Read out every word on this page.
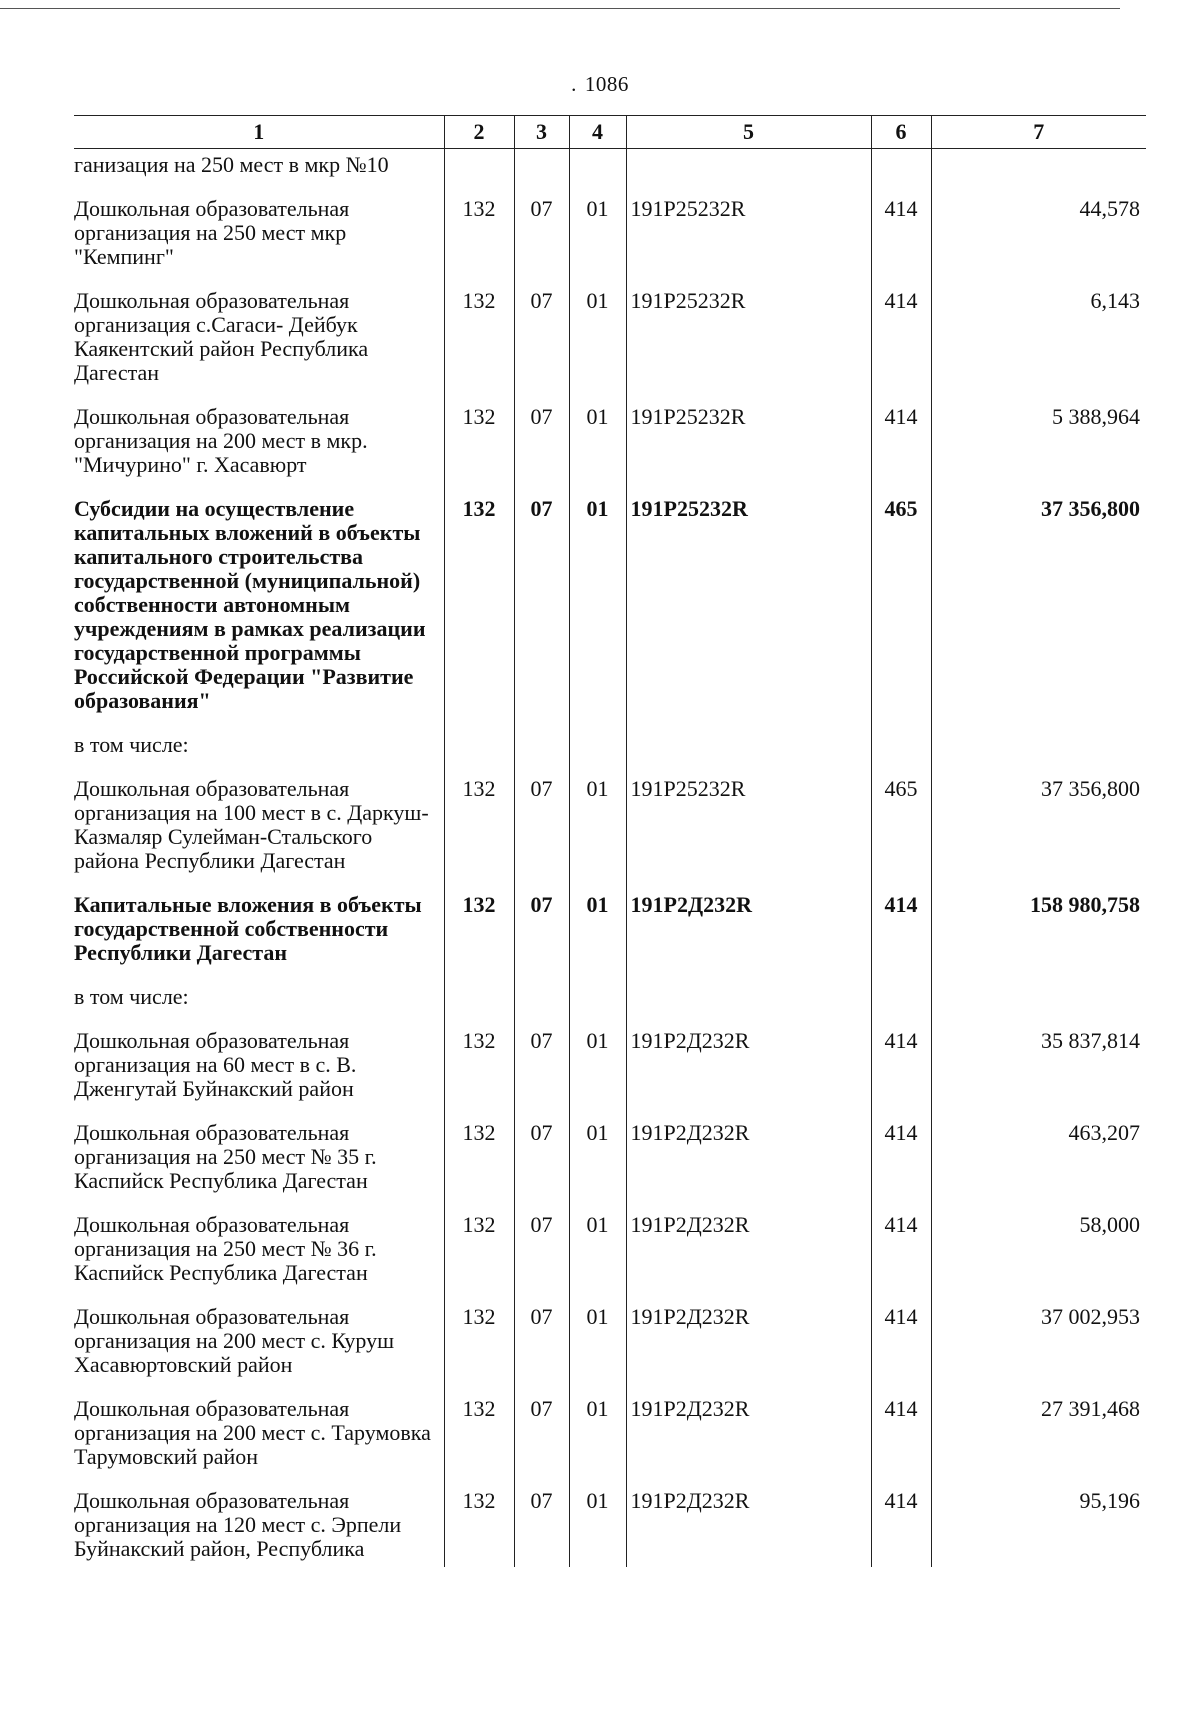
. 1086
1	2	3	4	5	6	7
ганизация на 250 мест в мкр №10						
Дошкольная образовательная организация на 250 мест мкр "Кемпинг"	132	07	01	191P25232R	414	44,578
Дошкольная образовательная организация с.Сагаси- Дейбук Каякентский район Республика Дагестан	132	07	01	191P25232R	414	6,143
Дошкольная образовательная организация на 200 мест в мкр. "Мичурино" г. Хасавюрт	132	07	01	191P25232R	414	5 388,964
Субсидии на осуществление капитальных вложений в объекты капитального строительства государственной (муниципальной) собственности автономным учреждениям в рамках реализации государственной программы Российской Федерации "Развитие образования"	132	07	01	191P25232R	465	37 356,800
в том числе:						
Дошкольная образовательная организация на 100 мест в с. Даркуш-Казмаляр Сулейман-Стальского района Республики Дагестан	132	07	01	191P25232R	465	37 356,800
Капитальные вложения в объекты государственной собственности Республики Дагестан	132	07	01	191P2Д232R	414	158 980,758
в том числе:						
Дошкольная образовательная организация на 60 мест в с. В. Дженгутай Буйнакский район	132	07	01	191P2Д232R	414	35 837,814
Дошкольная образовательная организация на 250 мест № 35 г. Каспийск Республика Дагестан	132	07	01	191P2Д232R	414	463,207
Дошкольная образовательная организация на 250 мест № 36 г. Каспийск Республика Дагестан	132	07	01	191P2Д232R	414	58,000
Дошкольная образовательная организация на 200 мест с. Куруш Хасавюртовский район	132	07	01	191P2Д232R	414	37 002,953
Дошкольная образовательная организация на 200 мест с. Тарумовка Тарумовский район	132	07	01	191P2Д232R	414	27 391,468
Дошкольная образовательная организация на 120 мест с. Эрпели Буйнакский район, Республика	132	07	01	191P2Д232R	414	95,196
